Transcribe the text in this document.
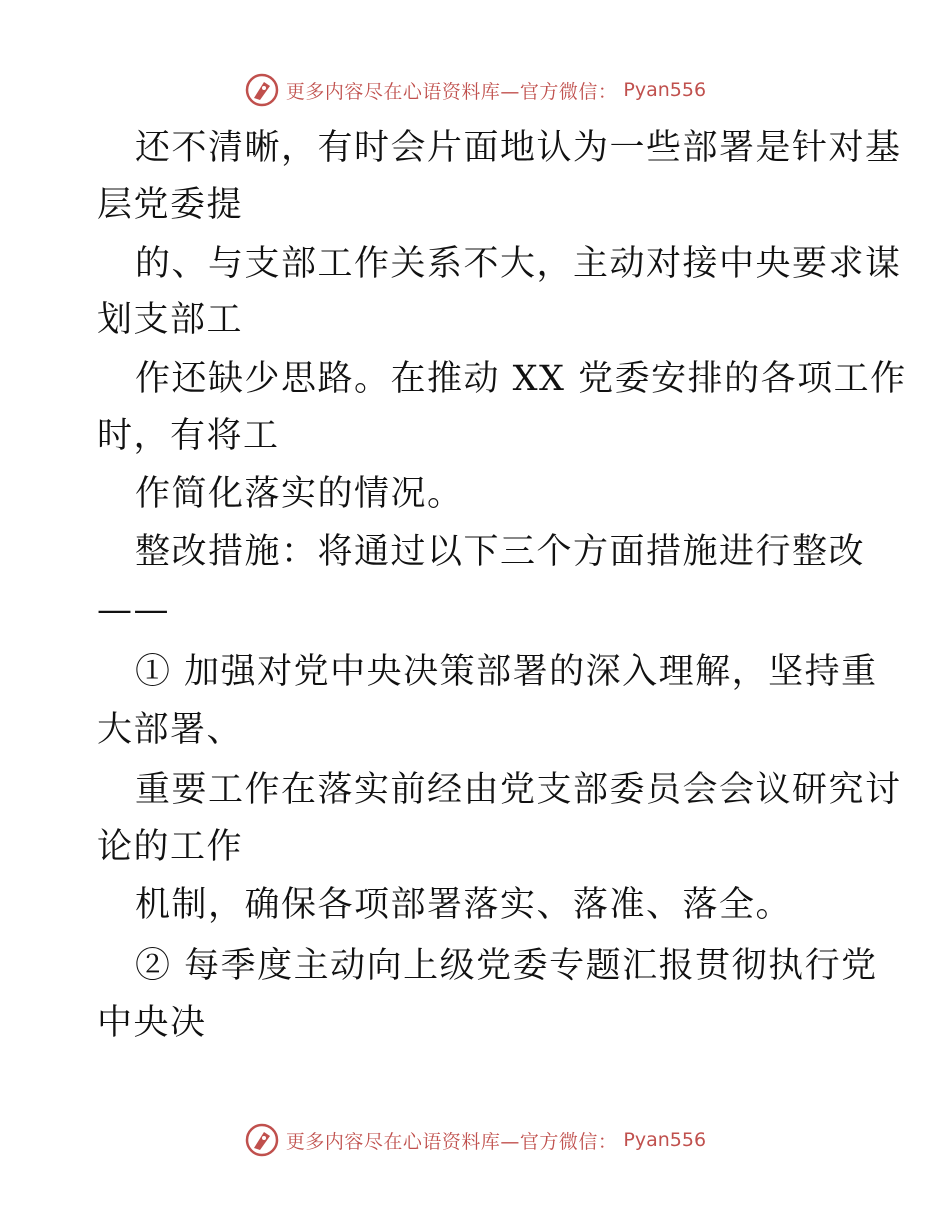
更多内容尽在心语资料库—官方微信： Pyan556
还不清晰，有时会片面地认为一些部署是针对基
层党委提
的、与支部工作关系不大，主动对接中央要求谋
划支部工
作还缺少思路。在推动 XX 党委安排的各项工作
时，有将工
作简化落实的情况。
整改措施：将通过以下三个方面措施进行整改
——
① 加强对党中央决策部署的深入理解，坚持重
大部署、
重要工作在落实前经由党支部委员会会议研究讨
论的工作
机制，确保各项部署落实、落准、落全。
② 每季度主动向上级党委专题汇报贯彻执行党
中央决
更多内容尽在心语资料库—官方微信： Pyan556
